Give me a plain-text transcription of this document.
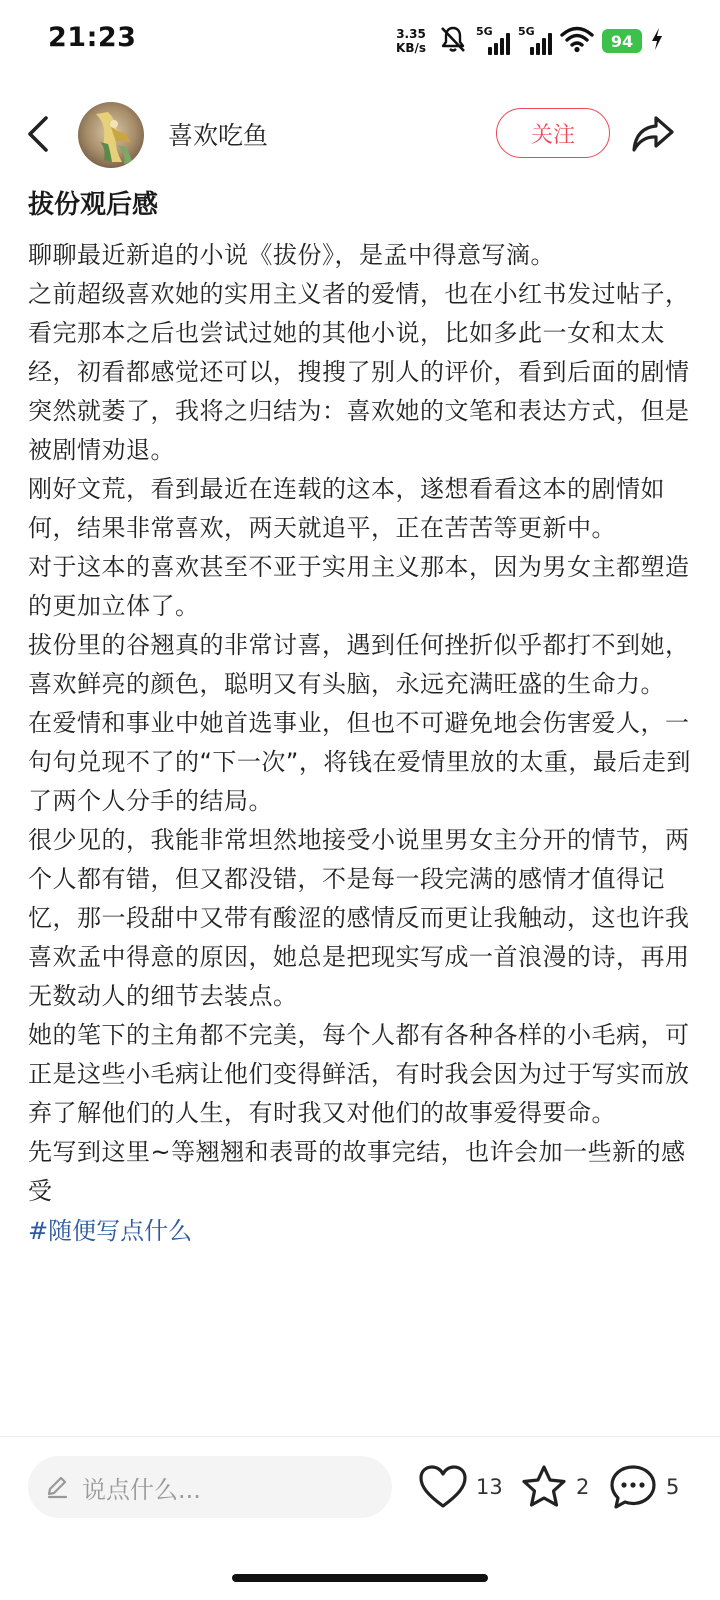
21:23	3.35
KB/s
5G 5G	94
喜欢吃鱼	关注
拔份观后感

聊聊最近新追的小说《拔份》，是孟中得意写滴。

之前超级喜欢她的实用主义者的爱情，也在小红书发过帖子，看完那本之后也尝试过她的其他小说，比如多此一女和太太经，初看都感觉还可以，搜搜了别人的评价，看到后面的剧情突然就萎了，我将之归结为：喜欢她的文笔和表达方式，但是被剧情劝退。

刚好文荒，看到最近在连载的这本，遂想看看这本的剧情如何，结果非常喜欢，两天就追平，正在苦苦等更新中。

对于这本的喜欢甚至不亚于实用主义那本，因为男女主都塑造的更加立体了。

拔份里的谷翘真的非常讨喜，遇到任何挫折似乎都打不到她，喜欢鲜亮的颜色，聪明又有头脑，永远充满旺盛的生命力。

在爱情和事业中她首选事业，但也不可避免地会伤害爱人，一句句兑现不了的“下一次”，将钱在爱情里放的太重，最后走到了两个人分手的结局。

很少见的，我能非常坦然地接受小说里男女主分开的情节，两个人都有错，但又都没错，不是每一段完满的感情才值得记忆，那一段甜中又带有酸涩的感情反而更让我触动，这也许我喜欢孟中得意的原因，她总是把现实写成一首浪漫的诗，再用无数动人的细节去装点。

她的笔下的主角都不完美，每个人都有各种各样的小毛病，可正是这些小毛病让他们变得鲜活，有时我会因为过于写实而放弃了解他们的人生，有时我又对他们的故事爱得要命。

先写到这里~等翘翘和表哥的故事完结，也许会加一些新的感受

#随便写点什么
说点什么...	13	2	5
